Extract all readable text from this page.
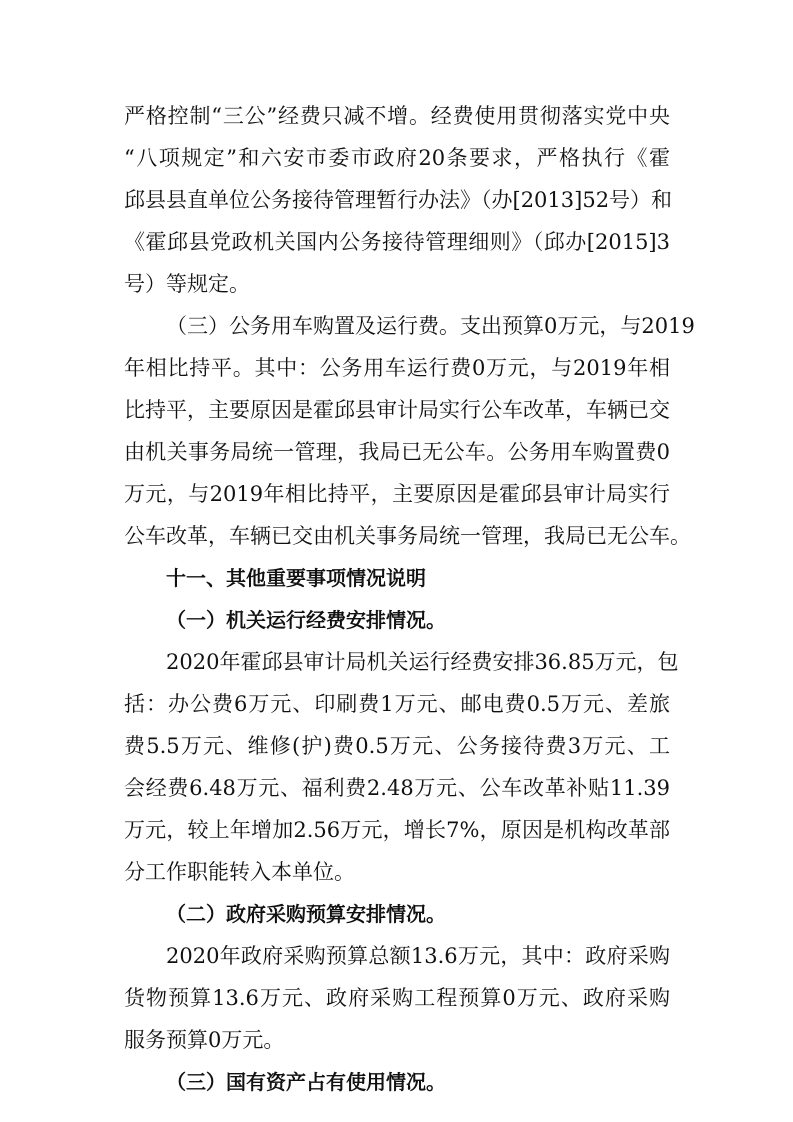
严格控制“三公”经费只减不增。经费使用贯彻落实党中央
“八项规定”和六安市委市政府20条要求，严格执行《霍
邱县县直单位公务接待管理暂行办法》（办[2013]52号）和
《霍邱县党政机关国内公务接待管理细则》（邱办[2015]3
号）等规定。
（三）公务用车购置及运行费。支出预算0万元，与2019
年相比持平。其中：公务用车运行费0万元，与2019年相
比持平，主要原因是霍邱县审计局实行公车改革，车辆已交
由机关事务局统一管理，我局已无公车。公务用车购置费0
万元，与2019年相比持平，主要原因是霍邱县审计局实行
公车改革，车辆已交由机关事务局统一管理，我局已无公车。
十一、其他重要事项情况说明
（一）机关运行经费安排情况。
2020年霍邱县审计局机关运行经费安排36.85万元，包
括：办公费6万元、印刷费1万元、邮电费0.5万元、差旅
费5.5万元、维修(护)费0.5万元、公务接待费3万元、工
会经费6.48万元、福利费2.48万元、公车改革补贴11.39
万元，较上年增加2.56万元，增长7%，原因是机构改革部
分工作职能转入本单位。
（二）政府采购预算安排情况。
2020年政府采购预算总额13.6万元，其中：政府采购
货物预算13.6万元、政府采购工程预算0万元、政府采购
服务预算0万元。
（三）国有资产占有使用情况。
